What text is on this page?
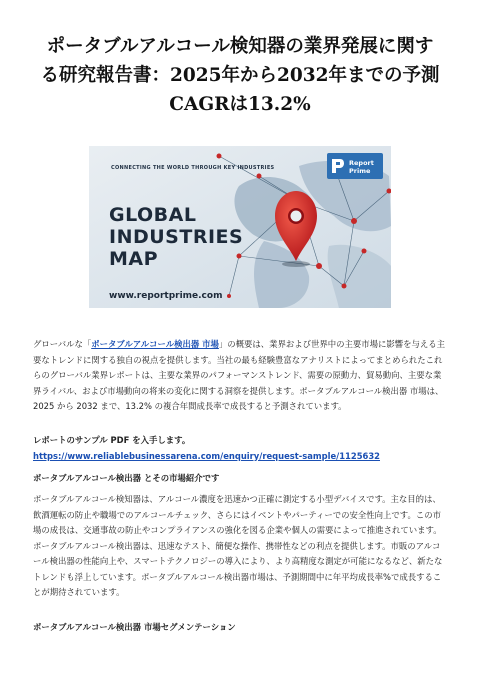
ポータブルアルコール検知器の業界発展に関す
る研究報告書：2025年から2032年までの予測
CAGRは13.2%
CONNECTING THE WORLD THROUGH KEY INDUSTRIES
GLOBAL
INDUSTRIES
MAP
www.reportprime.com
Report
Prime
グローバルな「ポータブルアルコール検出器 市場」の概要は、業界および世界中の主要市場に影響を与える主要なトレンドに関する独自の視点を提供します。当社の最も経験豊富なアナリストによってまとめられたこれらのグローバル業界レポートは、主要な業界のパフォーマンストレンド、需要の原動力、貿易動向、主要な業界ライバル、および市場動向の将来の変化に関する洞察を提供します。ポータブルアルコール検出器 市場は、2025 から 2032 まで、13.2% の複合年間成長率で成長すると予測されています。
レポートのサンプル PDF を入手します。 https://www.reliablebusinessarena.com/enquiry/request-sample/1125632
ポータブルアルコール検出器 とその市場紹介です
ポータブルアルコール検知器は、アルコール濃度を迅速かつ正確に測定する小型デバイスです。主な目的は、飲酒運転の防止や職場でのアルコールチェック、さらにはイベントやパーティーでの安全性向上です。この市場の成長は、交通事故の防止やコンプライアンスの強化を図る企業や個人の需要によって推進されています。ポータブルアルコール検出器は、迅速なテスト、簡便な操作、携帯性などの利点を提供します。市販のアルコール検出器の性能向上や、スマートテクノロジーの導入により、より高精度な測定が可能になるなど、新たなトレンドも浮上しています。ポータブルアルコール検出器市場は、予測期間中に年平均成長率%で成長することが期待されています。
ポータブルアルコール検出器 市場セグメンテーション
